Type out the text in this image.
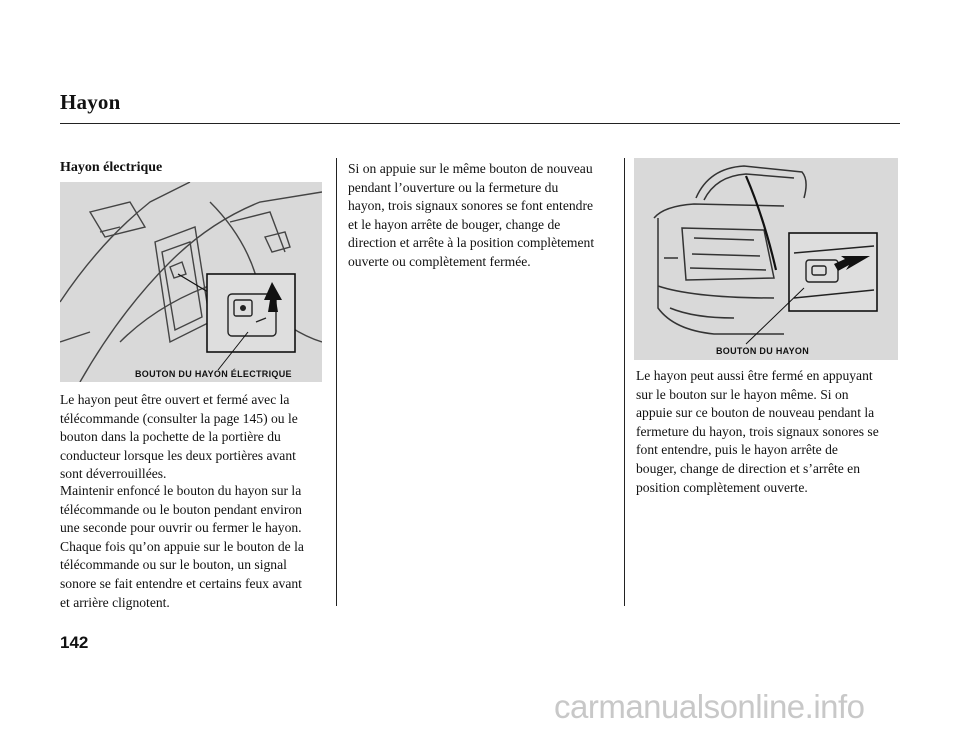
Hayon
Hayon électrique
BOUTON DU HAYON ÉLECTRIQUE

Le hayon peut être ouvert et fermé avec la
télécommande (consulter la page 145) ou le
bouton dans la pochette de la portière du
conducteur lorsque les deux portières avant
sont déverrouillées.

Maintenir enfoncé le bouton du hayon sur la
télécommande ou le bouton pendant environ
une seconde pour ouvrir ou fermer le hayon.
Chaque fois qu’on appuie sur le bouton de la
télécommande ou sur le bouton, un signal
sonore se fait entendre et certains feux avant
et arrière clignotent.

Si on appuie sur le même bouton de nouveau
pendant l’ouverture ou la fermeture du
hayon, trois signaux sonores se font entendre
et le hayon arrête de bouger, change de
direction et arrête à la position complètement
ouverte ou complètement fermée.

BOUTON DU HAYON

Le hayon peut aussi être fermé en appuyant
sur le bouton sur le hayon même. Si on
appuie sur ce bouton de nouveau pendant la
fermeture du hayon, trois signaux sonores se
font entendre, puis le hayon arrête de
bouger, change de direction et s’arrête en
position complètement ouverte.

142
carmanualsonline.info
